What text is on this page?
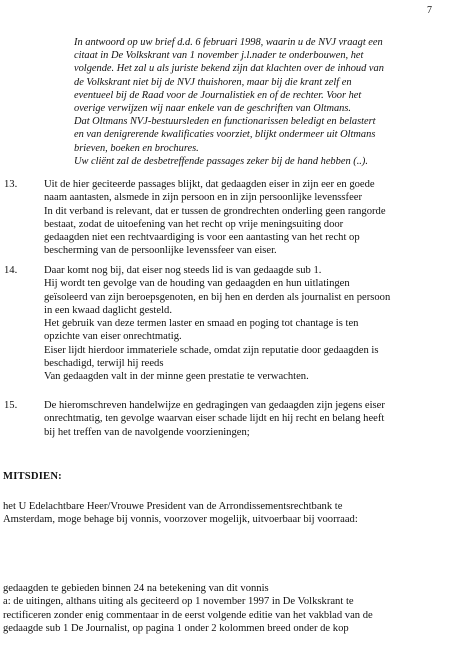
7
In antwoord op uw brief d.d. 6 februari 1998, waarin u de NVJ vraagt een
citaat in De Volkskrant van 1 november j.l.nader te onderbouwen, het
volgende. Het zal u als juriste bekend zijn dat klachten over de inhoud van
de Volkskrant niet bij de NVJ thuishoren, maar bij die krant zelf en
eventueel bij de Raad voor de Journalistiek en of de rechter. Voor het
overige verwijzen wij naar enkele van de geschriften van Oltmans.
Dat Oltmans NVJ-bestuursleden en functionarissen beledigt en belastert
en van denigrerende kwalificaties voorziet, blijkt ondermeer uit Oltmans
brieven, boeken en brochures.
Uw cliënt zal de desbetreffende passages zeker bij de hand hebben (..).
13.	Uit de hier geciteerde passages blijkt, dat gedaagden eiser in zijn eer en goede
naam aantasten, alsmede in zijn persoon en in zijn persoonlijke levenssfeer
In dit verband is relevant, dat er tussen de grondrechten onderling geen rangorde
bestaat, zodat de uitoefening van het recht op vrije meningsuiting door
gedaagden niet een rechtvaardiging is voor een aantasting van het recht op
bescherming van de persoonlijke levenssfeer van eiser.
14.	Daar komt nog bij, dat eiser nog steeds lid is van gedaagde sub 1.
Hij wordt ten gevolge van de houding van gedaagden en hun uitlatingen
geïsoleerd van zijn beroepsgenoten, en bij hen en derden als journalist en persoon
in een kwaad daglicht gesteld.
Het gebruik van deze termen laster en smaad en poging tot chantage is ten
opzichte van eiser onrechtmatig.
Eiser lijdt hierdoor immateriele schade, omdat zijn reputatie door gedaagden is
beschadigd, terwijl hij reeds
Van gedaagden valt in der minne geen prestatie te verwachten.
15.	De hieromschreven handelwijze en gedragingen van gedaagden zijn jegens eiser
onrechtmatig, ten gevolge waarvan eiser schade lijdt en hij recht en belang heeft
bij het treffen van de navolgende voorzieningen;
MITSDIEN:
het U Edelachtbare Heer/Vrouwe President van de Arrondissementsrechtbank te
Amsterdam, moge behage bij vonnis, voorzover mogelijk, uitvoerbaar bij voorraad:
gedaagden te gebieden binnen 24 na betekening van dit vonnis
a: de uitingen, althans uiting als geciteerd op 1 november 1997 in De Volkskrant te
rectificeren zonder enig commentaar in de eerst volgende editie van het vakblad van de
gedaagde sub 1 De Journalist, op pagina 1 onder 2 kolommen breed onder de kop
